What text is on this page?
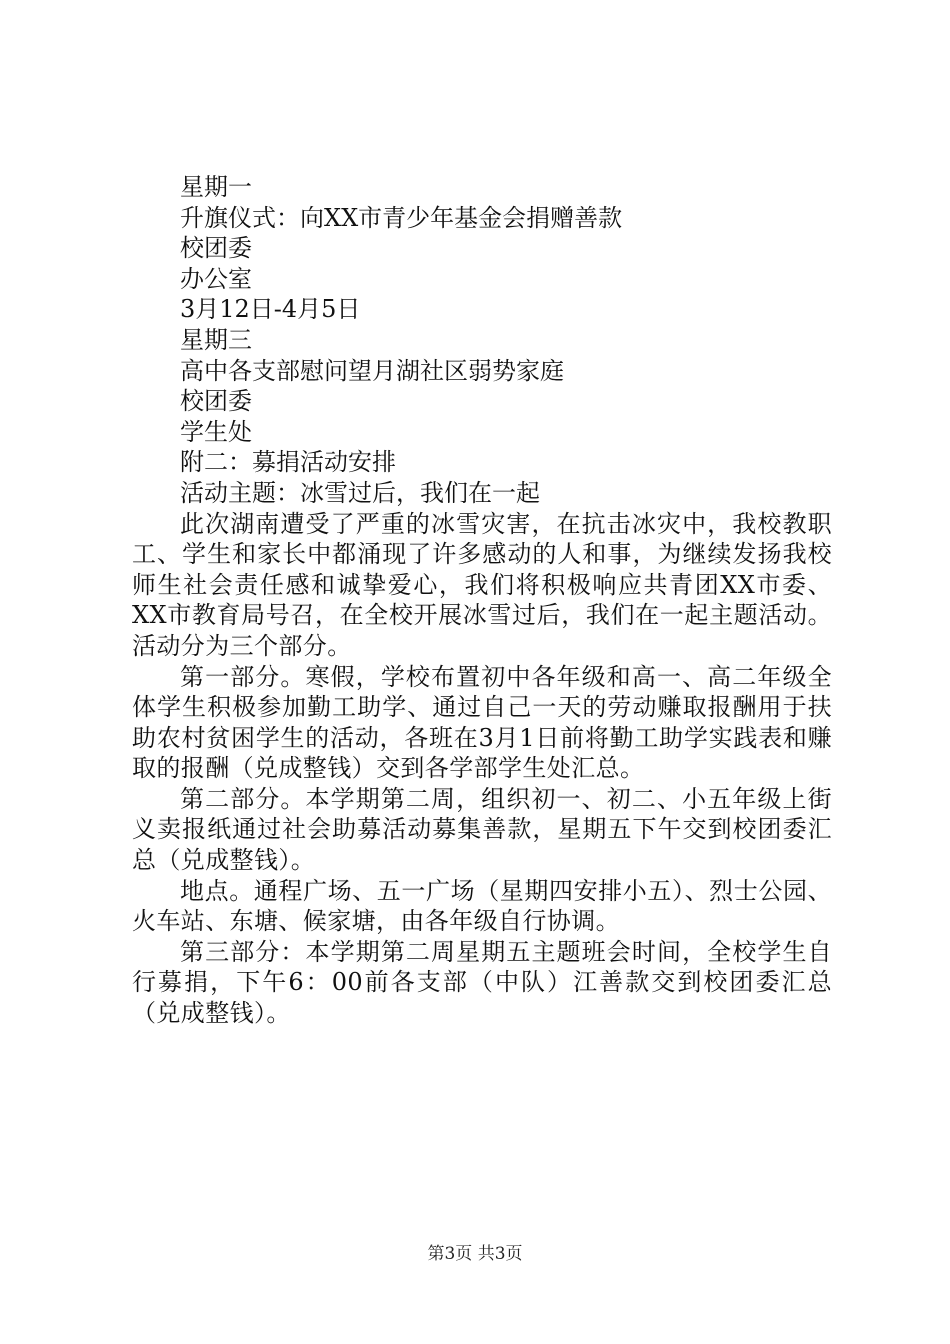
星期一

升旗仪式：向XX市青少年基金会捐赠善款

校团委

办公室

3月12日-4月5日

星期三

高中各支部慰问望月湖社区弱势家庭

校团委

学生处

附二：募捐活动安排

活动主题：冰雪过后，我们在一起

此次湖南遭受了严重的冰雪灾害，在抗击冰灾中，我校教职工、学生和家长中都涌现了许多感动的人和事，为继续发扬我校师生社会责任感和诚挚爱心，我们将积极响应共青团XX市委、XX市教育局号召，在全校开展冰雪过后，我们在一起主题活动。活动分为三个部分。

第一部分。寒假，学校布置初中各年级和高一、高二年级全体学生积极参加勤工助学、通过自己一天的劳动赚取报酬用于扶助农村贫困学生的活动，各班在3月1日前将勤工助学实践表和赚取的报酬（兑成整钱）交到各学部学生处汇总。

第二部分。本学期第二周，组织初一、初二、小五年级上街义卖报纸通过社会助募活动募集善款，星期五下午交到校团委汇总（兑成整钱）。

地点。通程广场、五一广场（星期四安排小五）、烈士公园、火车站、东塘、候家塘，由各年级自行协调。

第三部分：本学期第二周星期五主题班会时间，全校学生自行募捐，下午6：00前各支部（中队）江善款交到校团委汇总（兑成整钱）。

第3页 共3页
